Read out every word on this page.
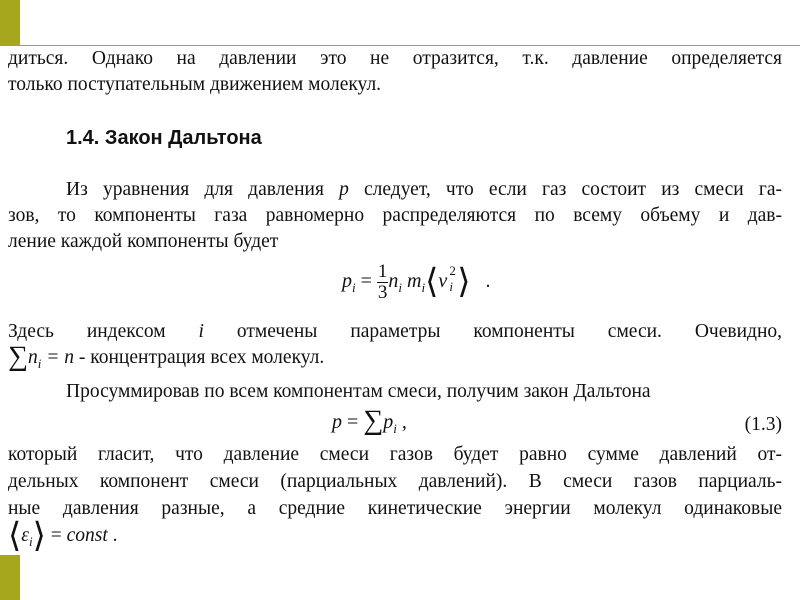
диться. Однако на давлении это не отразится, т.к. давление определяется
только поступательным движением молекул.
1.4. Закон Дальтона
Из уравнения для давления p следует, что если газ состоит из смеси га-
зов, то компоненты газа равномерно распределяются по всему объему и дав-
ление каждой компоненты будет
$p_i = \frac{1}{3} n_i$ $m_i⟨v$ 2
i ⟩ .
Здесь индексом i отмечены параметры компоненты смеси. Очевидно,
$\sum n_i = n$ - концентрация всех молекул.
Просуммировав по всем компонентам смеси, получим закон Дальтона
$p = \sum p_i$ ,	(1.3)
который гласит, что давление смеси газов будет равно сумме давлений от-
дельных компонент смеси (парциальных давлений). В смеси газов парциаль-
ные давления разные, а средние кинетические энергии молекул одинаковые
$⟨\varepsilon_i⟩$ = const .
